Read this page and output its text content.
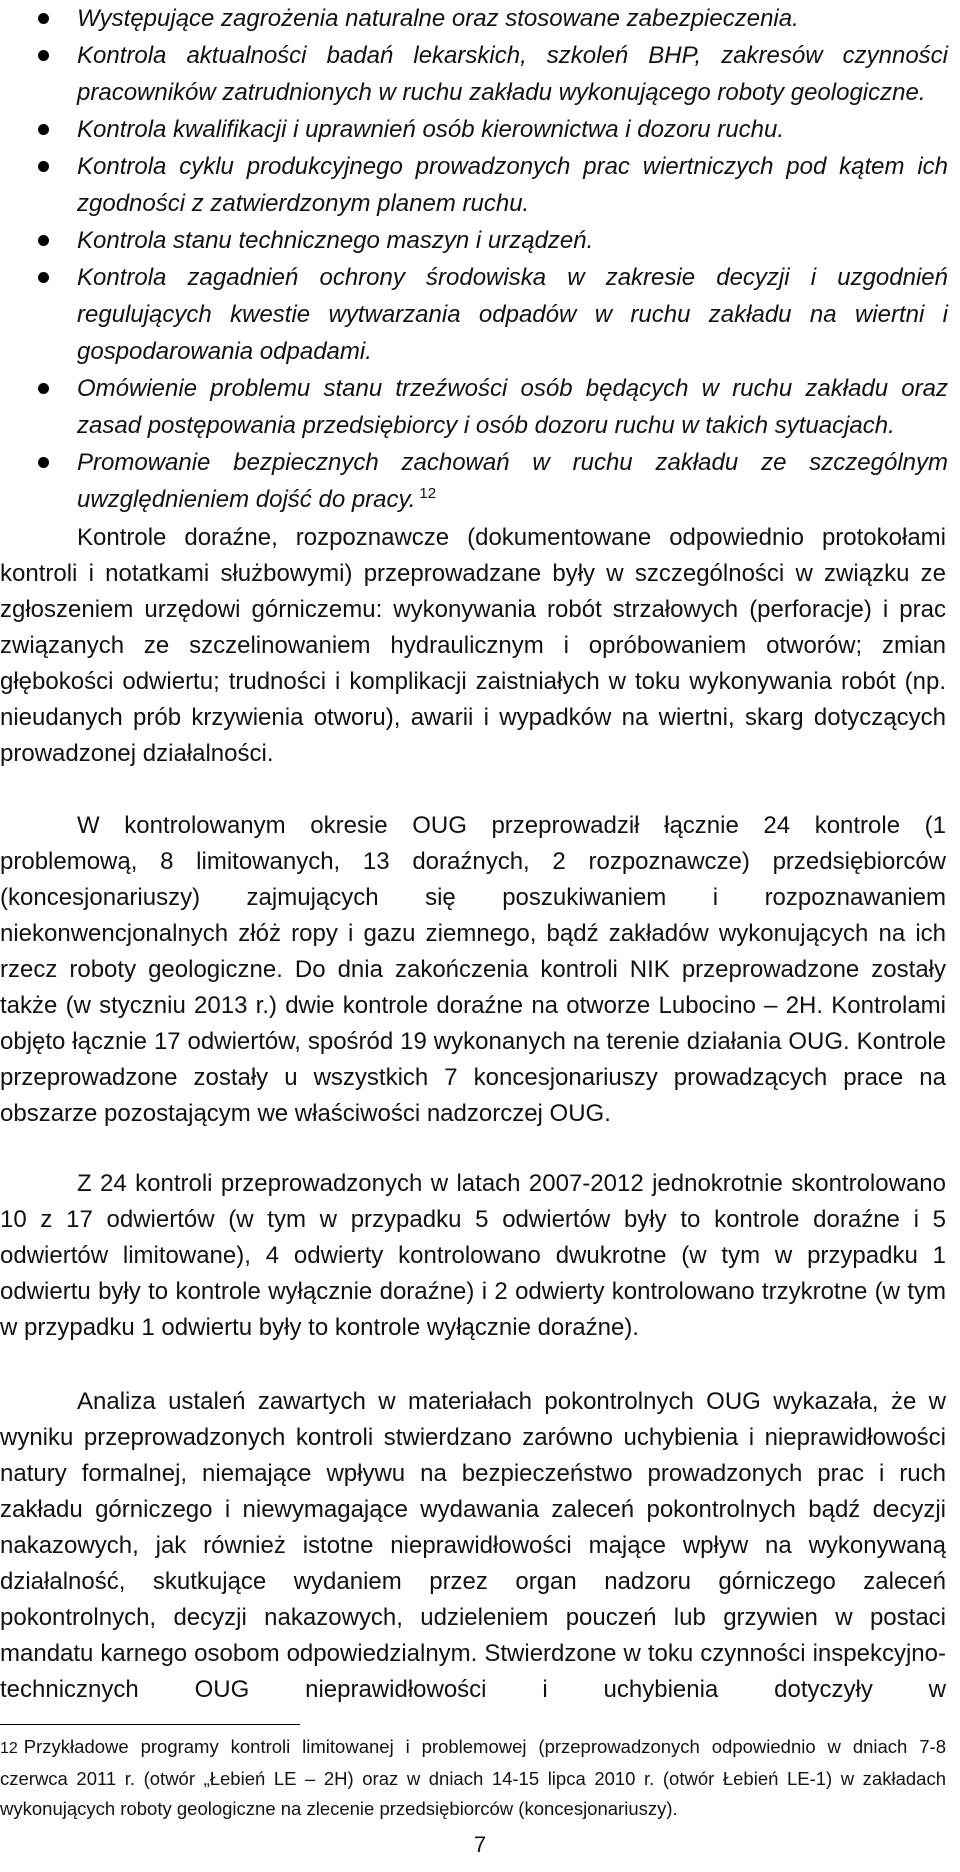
Występujące zagrożenia naturalne oraz stosowane zabezpieczenia.
Kontrola aktualności badań lekarskich, szkoleń BHP, zakresów czynności pracowników zatrudnionych w ruchu zakładu wykonującego roboty geologiczne.
Kontrola kwalifikacji i uprawnień osób kierownictwa i dozoru ruchu.
Kontrola cyklu produkcyjnego prowadzonych prac wiertniczych pod kątem ich zgodności z zatwierdzonym planem ruchu.
Kontrola stanu technicznego maszyn i urządzeń.
Kontrola zagadnień ochrony środowiska w zakresie decyzji i uzgodnień regulujących kwestie wytwarzania odpadów w ruchu zakładu na wiertni i gospodarowania odpadami.
Omówienie problemu stanu trzeźwości osób będących w ruchu zakładu oraz zasad postępowania przedsiębiorcy i osób dozoru ruchu w takich sytuacjach.
Promowanie bezpiecznych zachowań w ruchu zakładu ze szczególnym uwzględnieniem dojść do pracy. $^{12}$

Kontrole doraźne, rozpoznawcze (dokumentowane odpowiednio protokołami kontroli i notatkami służbowymi) przeprowadzane były w szczególności w związku ze zgłoszeniem urzędowi górniczemu: wykonywania robót strzałowych (perforacje) i prac związanych ze szczelinowaniem hydraulicznym i opróbowaniem otworów; zmian głębokości odwiertu; trudności i komplikacji zaistniałych w toku wykonywania robót (np. nieudanych prób krzywienia otworu), awarii i wypadków na wiertni, skarg dotyczących prowadzonej działalności.

W kontrolowanym okresie OUG przeprowadził łącznie 24 kontrole (1 problemową, 8 limitowanych, 13 doraźnych, 2 rozpoznawcze) przedsiębiorców (koncesjonariuszy) zajmujących się poszukiwaniem i rozpoznawaniem niekonwencjonalnych złóż ropy i gazu ziemnego, bądź zakładów wykonujących na ich rzecz roboty geologiczne. Do dnia zakończenia kontroli NIK przeprowadzone zostały także (w styczniu 2013 r.) dwie kontrole doraźne na otworze Lubocino – 2H. Kontrolami objęto łącznie 17 odwiertów, spośród 19 wykonanych na terenie działania OUG. Kontrole przeprowadzone zostały u wszystkich 7 koncesjonariuszy prowadzących prace na obszarze pozostającym we właściwości nadzorczej OUG.

Z 24 kontroli przeprowadzonych w latach 2007-2012 jednokrotnie skontrolowano 10 z 17 odwiertów (w tym w przypadku 5 odwiertów były to kontrole doraźne i 5 odwiertów limitowane), 4 odwierty kontrolowano dwukrotne (w tym w przypadku 1 odwiertu były to kontrole wyłącznie doraźne) i 2 odwierty kontrolowano trzykrotne (w tym w przypadku 1 odwiertu były to kontrole wyłącznie doraźne).

Analiza ustaleń zawartych w materiałach pokontrolnych OUG wykazała, że w wyniku przeprowadzonych kontroli stwierdzano zarówno uchybienia i nieprawidłowości natury formalnej, niemające wpływu na bezpieczeństwo prowadzonych prac i ruch zakładu górniczego i niewymagające wydawania zaleceń pokontrolnych bądź decyzji nakazowych, jak również istotne nieprawidłowości mające wpływ na wykonywaną działalność, skutkujące wydaniem przez organ nadzoru górniczego zaleceń pokontrolnych, decyzji nakazowych, udzieleniem pouczeń lub grzywien w postaci mandatu karnego osobom odpowiedzialnym. Stwierdzone w toku czynności inspekcyjno-technicznych OUG nieprawidłowości i uchybienia dotyczyły w

12 Przykładowe programy kontroli limitowanej i problemowej (przeprowadzonych odpowiednio w dniach 7-8 czerwca 2011 r. (otwór „Łebień LE – 2H) oraz w dniach 14-15 lipca 2010 r. (otwór Łebień LE-1) w zakładach wykonujących roboty geologiczne na zlecenie przedsiębiorców (koncesjonariuszy).

7
